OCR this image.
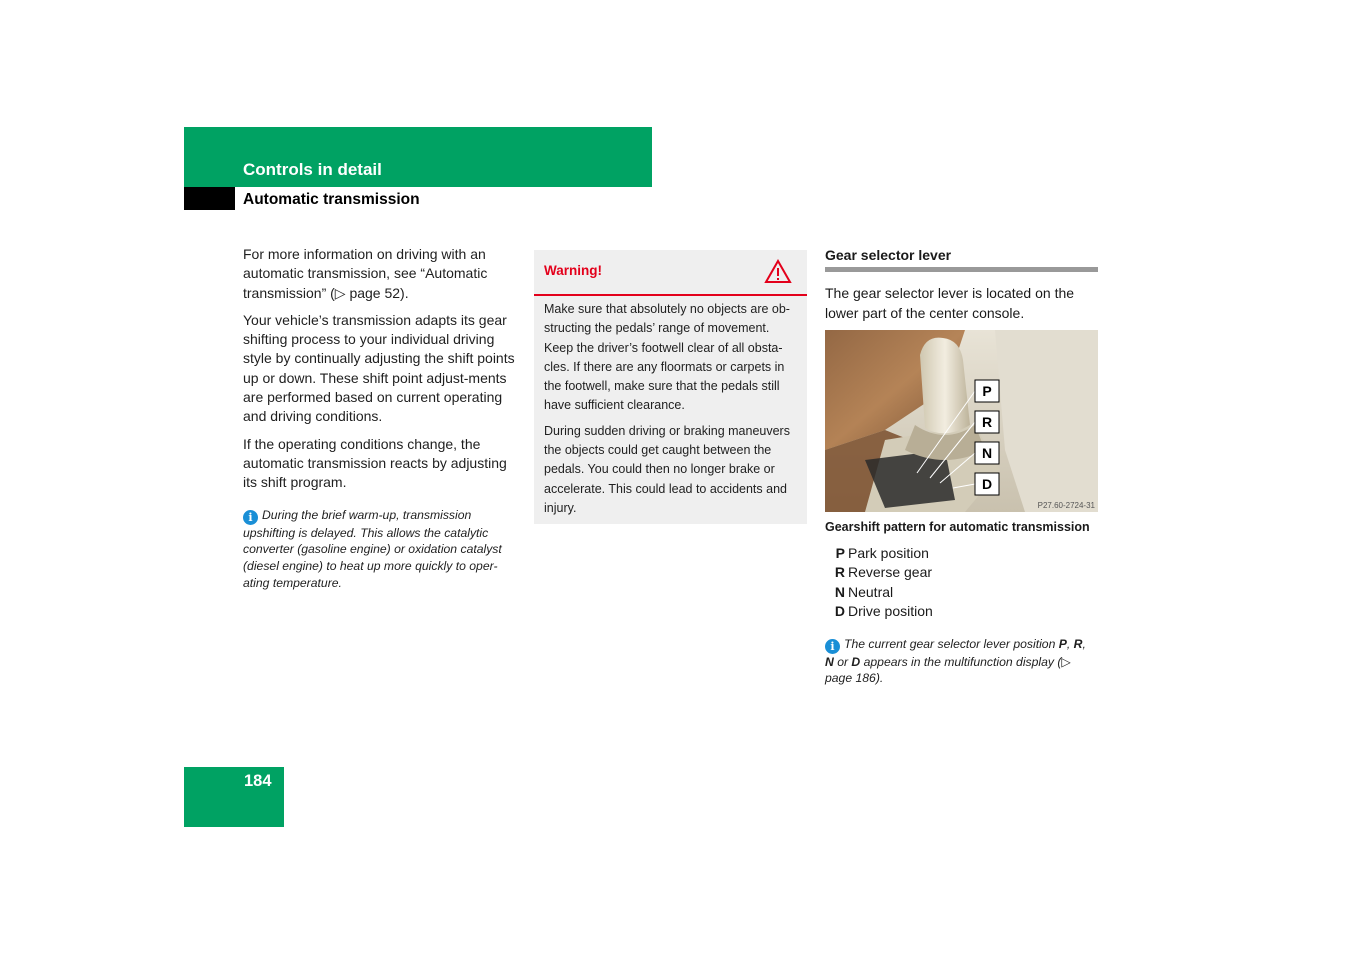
Controls in detail
Automatic transmission

For more information on driving with an automatic transmission, see “Automatic transmission” (▷ page 52).

Your vehicle’s transmission adapts its gear shifting process to your individual driving style by continually adjusting the shift points up or down. These shift point adjust-ments are performed based on current operating and driving conditions.

If the operating conditions change, the automatic transmission reacts by adjusting its shift program.

i During the brief warm-up, transmission upshifting is delayed. This allows the catalytic converter (gasoline engine) or oxidation catalyst (diesel engine) to heat up more quickly to oper-ating temperature.

Warning!

Make sure that absolutely no objects are ob-structing the pedals’ range of movement. Keep the driver’s footwell clear of all obsta-cles. If there are any floormats or carpets in the footwell, make sure that the pedals still have sufficient clearance.

During sudden driving or braking maneuvers the objects could get caught between the pedals. You could then no longer brake or accelerate. This could lead to accidents and injury.

Gear selector lever
The gear selector lever is located on the lower part of the center console.
P
R
N
D
P27.60-2724-31
Gearshift pattern for automatic transmission
P Park position
R Reverse gear
N Neutral
D Drive position

i The current gear selector lever position P, R, N or D appears in the multifunction display (▷ page 186).

184
